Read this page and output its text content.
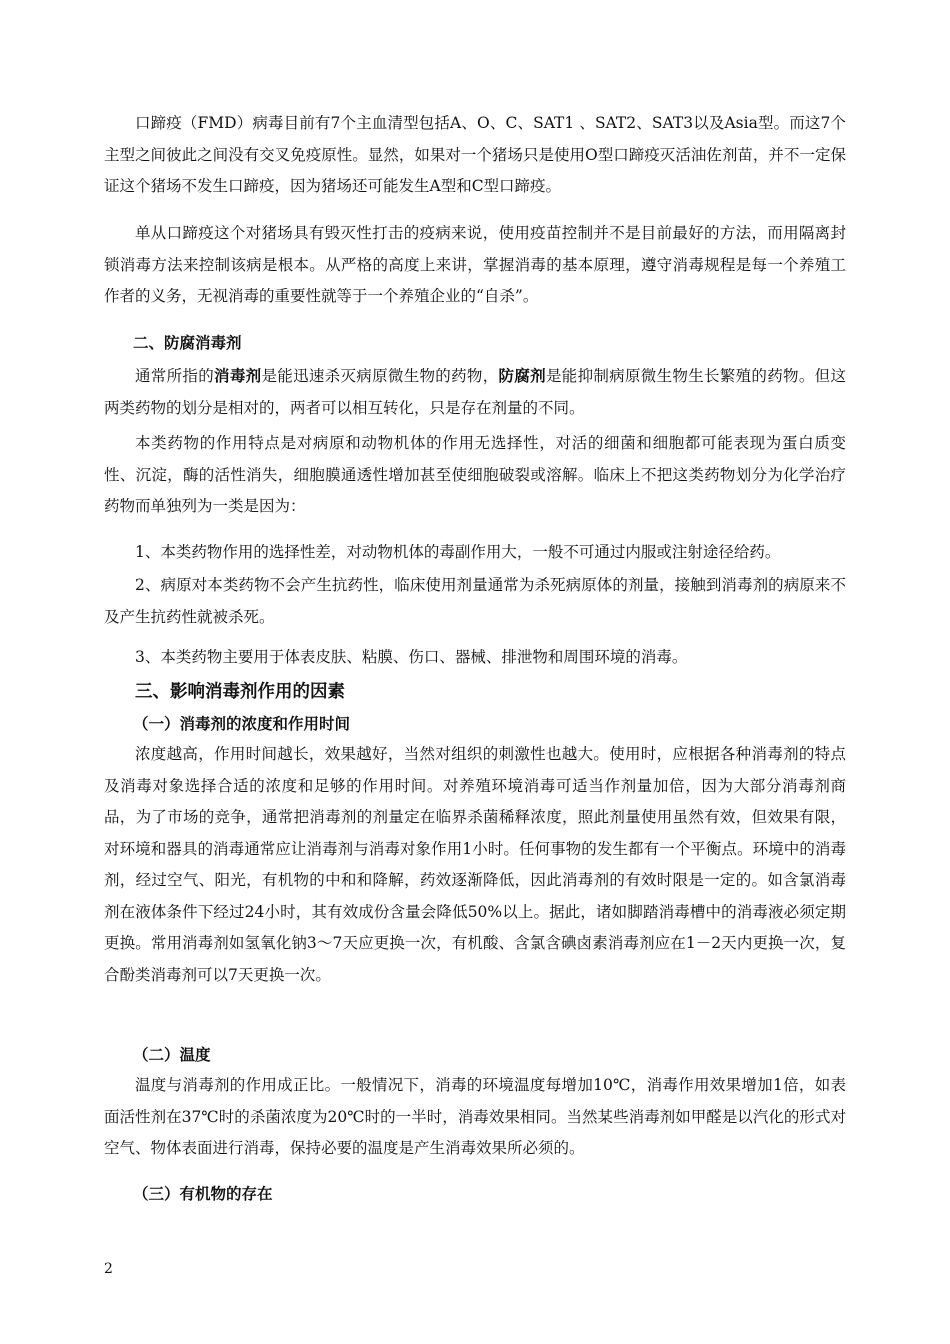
口蹄疫（FMD）病毒目前有7个主血清型包括A、O、C、SAT1 、SAT2、SAT3以及Asia型。而这7个主型之间彼此之间没有交叉免疫原性。显然，如果对一个猪场只是使用O型口蹄疫灭活油佐剂苗，并不一定保证这个猪场不发生口蹄疫，因为猪场还可能发生A型和C型口蹄疫。

单从口蹄疫这个对猪场具有毁灭性打击的疫病来说，使用疫苗控制并不是目前最好的方法，而用隔离封锁消毒方法来控制该病是根本。从严格的高度上来讲，掌握消毒的基本原理，遵守消毒规程是每一个养殖工作者的义务，无视消毒的重要性就等于一个养殖企业的“自杀”。

二、防腐消毒剂

通常所指的消毒剂是能迅速杀灭病原微生物的药物，防腐剂是能抑制病原微生物生长繁殖的药物。但这两类药物的划分是相对的，两者可以相互转化，只是存在剂量的不同。

本类药物的作用特点是对病原和动物机体的作用无选择性，对活的细菌和细胞都可能表现为蛋白质变性、沉淀，酶的活性消失，细胞膜通透性增加甚至使细胞破裂或溶解。临床上不把这类药物划分为化学治疗药物而单独列为一类是因为：

1、本类药物作用的选择性差，对动物机体的毒副作用大，一般不可通过内服或注射途径给药。

2、病原对本类药物不会产生抗药性，临床使用剂量通常为杀死病原体的剂量，接触到消毒剂的病原来不及产生抗药性就被杀死。

3、本类药物主要用于体表皮肤、粘膜、伤口、器械、排泄物和周围环境的消毒。

三、影响消毒剂作用的因素

（一）消毒剂的浓度和作用时间

浓度越高，作用时间越长，效果越好，当然对组织的刺激性也越大。使用时，应根据各种消毒剂的特点及消毒对象选择合适的浓度和足够的作用时间。对养殖环境消毒可适当作剂量加倍，因为大部分消毒剂商品，为了市场的竞争，通常把消毒剂的剂量定在临界杀菌稀释浓度，照此剂量使用虽然有效，但效果有限，对环境和器具的消毒通常应让消毒剂与消毒对象作用1小时。任何事物的发生都有一个平衡点。环境中的消毒剂，经过空气、阳光，有机物的中和和降解，药效逐渐降低，因此消毒剂的有效时限是一定的。如含氯消毒剂在液体条件下经过24小时，其有效成份含量会降低50%以上。据此，诸如脚踏消毒槽中的消毒液必须定期更换。常用消毒剂如氢氧化钠3～7天应更换一次，有机酸、含氯含碘卤素消毒剂应在1－2天内更换一次，复合酚类消毒剂可以7天更换一次。

（二）温度

温度与消毒剂的作用成正比。一般情况下，消毒的环境温度每增加10℃，消毒作用效果增加1倍，如表面活性剂在37℃时的杀菌浓度为20℃时的一半时，消毒效果相同。当然某些消毒剂如甲醛是以汽化的形式对空气、物体表面进行消毒，保持必要的温度是产生消毒效果所必须的。

（三）有机物的存在

2
